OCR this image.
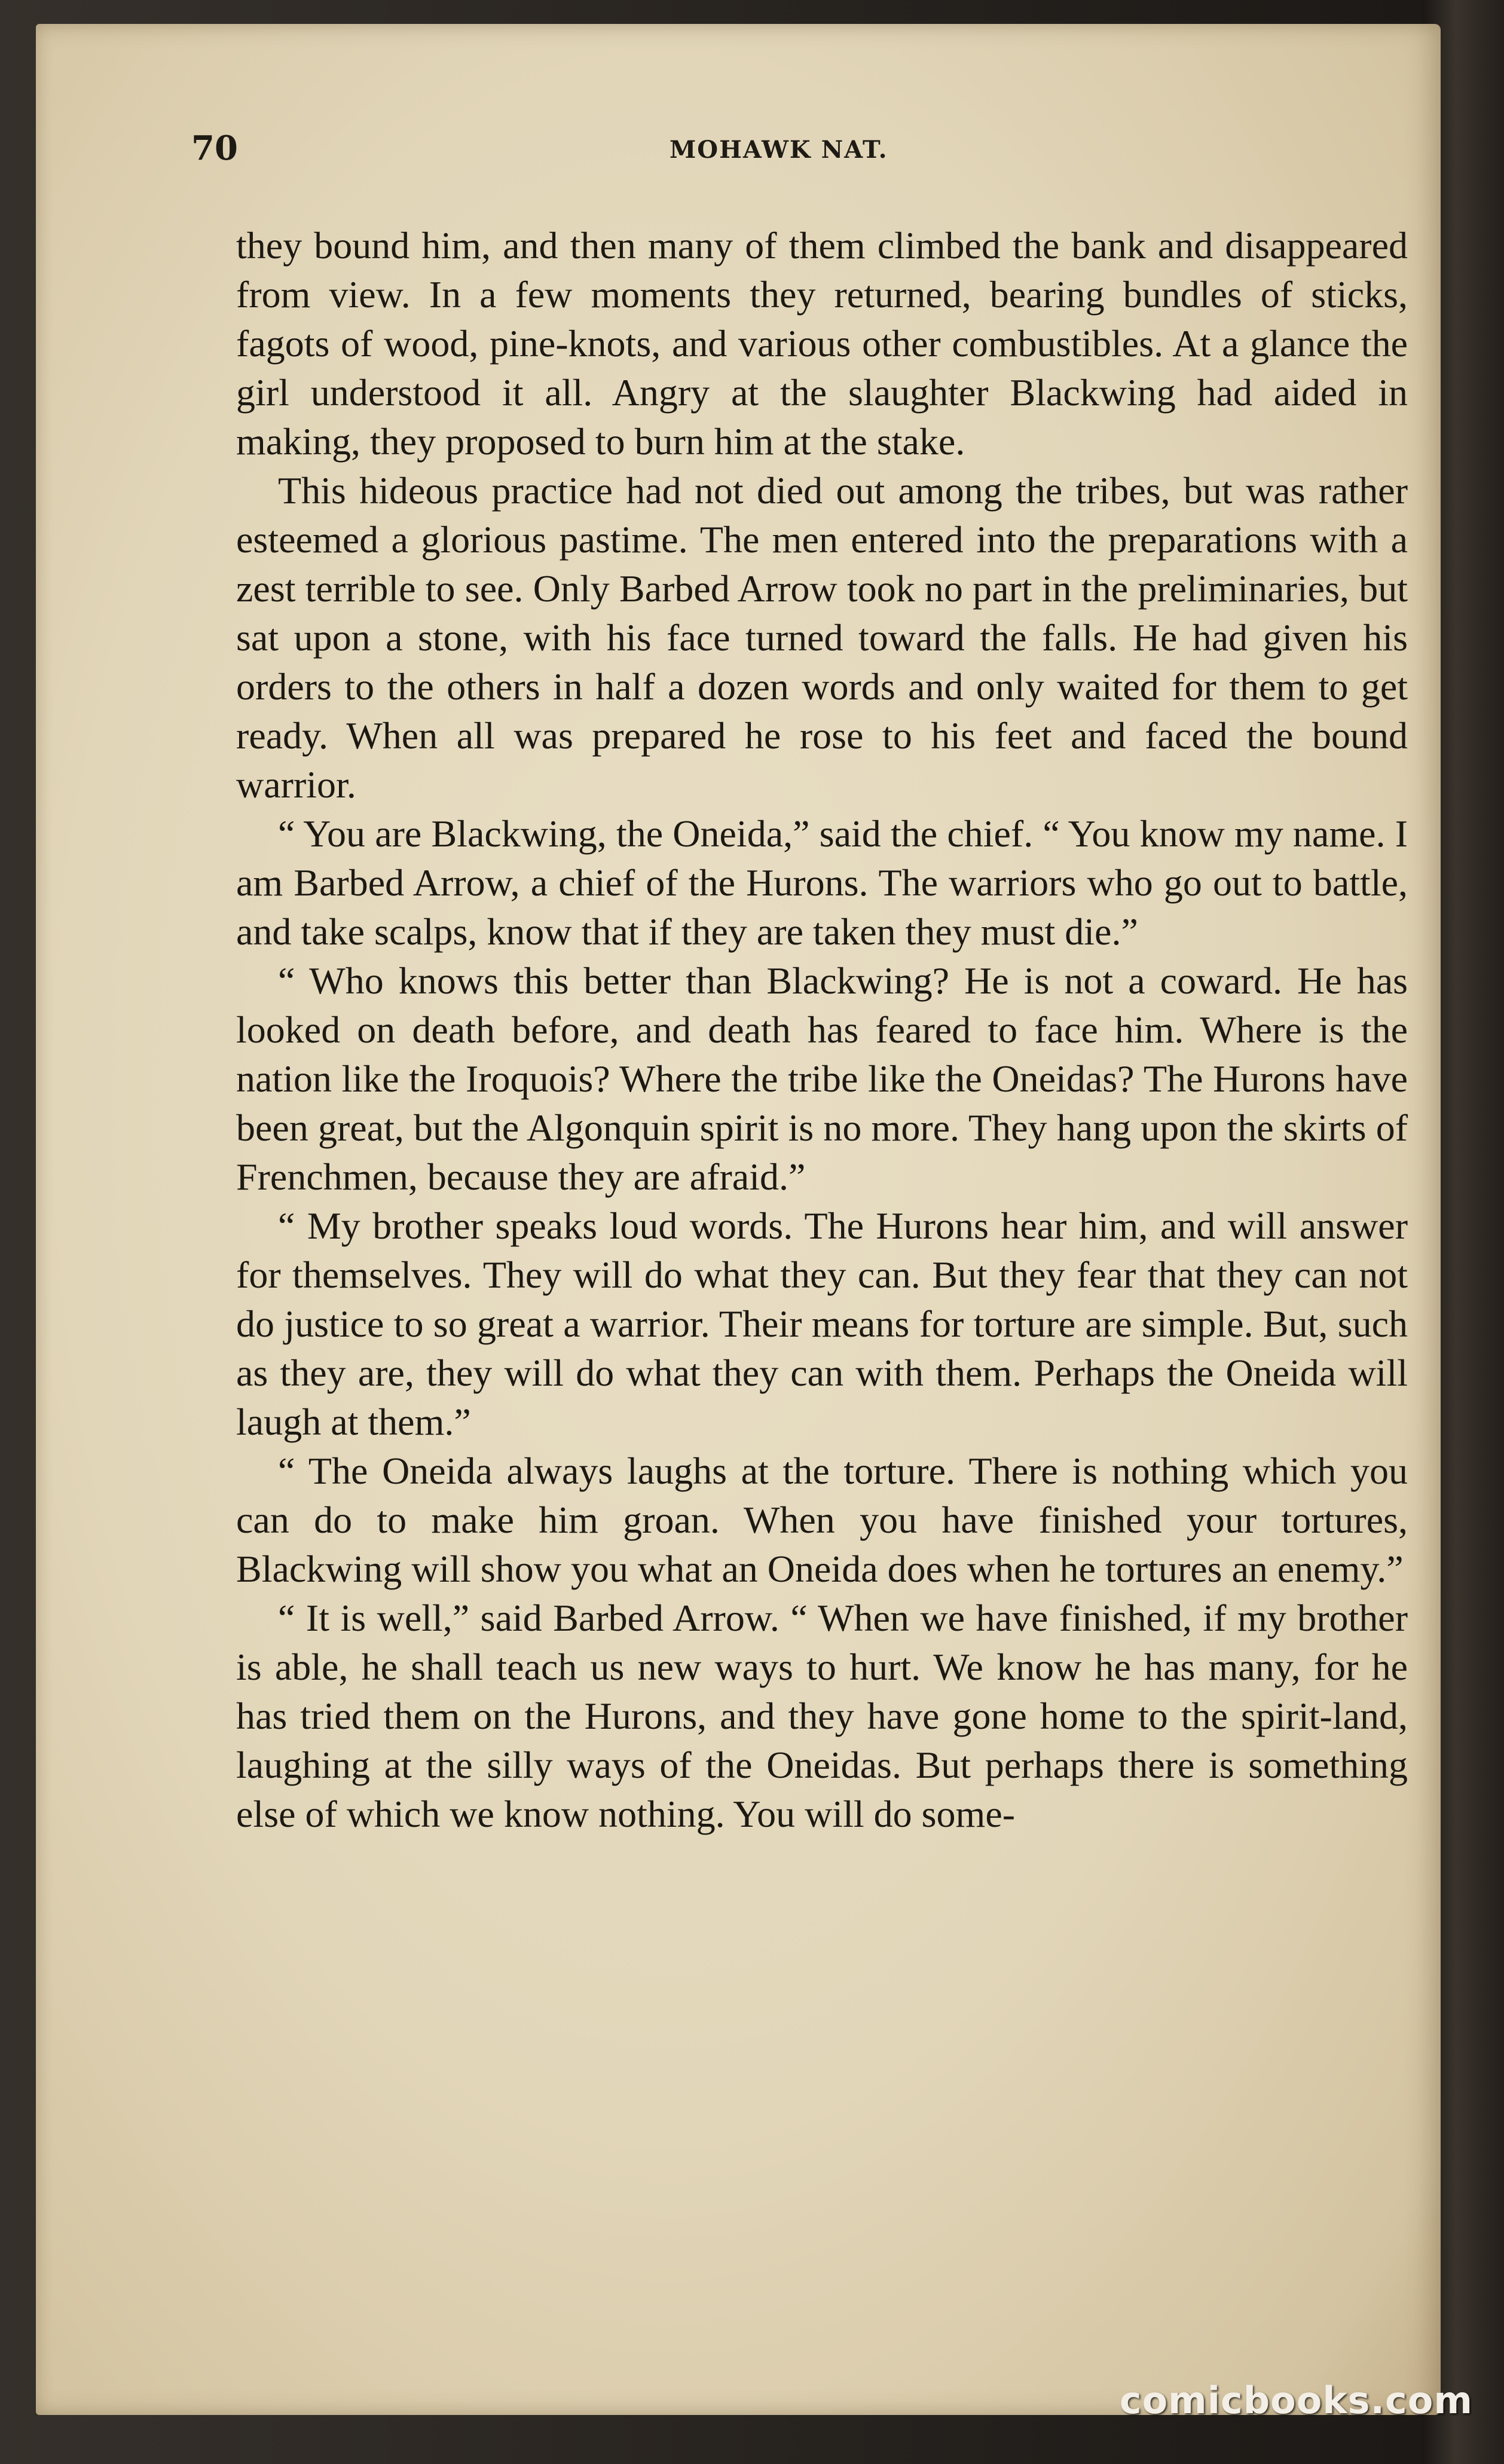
70	MOHAWK NAT.

they bound him, and then many of them climbed the bank and disappeared from view. In a few moments they returned, bearing bundles of sticks, fagots of wood, pine-knots, and various other combustibles. At a glance the girl understood it all. Angry at the slaughter Blackwing had aided in making, they proposed to burn him at the stake.

This hideous practice had not died out among the tribes, but was rather esteemed a glorious pastime. The men entered into the preparations with a zest terrible to see. Only Barbed Arrow took no part in the preliminaries, but sat upon a stone, with his face turned toward the falls. He had given his orders to the others in half a dozen words and only waited for them to get ready. When all was prepared he rose to his feet and faced the bound warrior.

“ You are Blackwing, the Oneida,” said the chief. “ You know my name. I am Barbed Arrow, a chief of the Hurons. The warriors who go out to battle, and take scalps, know that if they are taken they must die.”

“ Who knows this better than Blackwing? He is not a coward. He has looked on death before, and death has feared to face him. Where is the nation like the Iroquois? Where the tribe like the Oneidas? The Hurons have been great, but the Algonquin spirit is no more. They hang upon the skirts of Frenchmen, because they are afraid.”

“ My brother speaks loud words. The Hurons hear him, and will answer for themselves. They will do what they can. But they fear that they can not do justice to so great a warrior. Their means for torture are simple. But, such as they are, they will do what they can with them. Perhaps the Oneida will laugh at them.”

“ The Oneida always laughs at the torture. There is nothing which you can do to make him groan. When you have finished your tortures, Blackwing will show you what an Oneida does when he tortures an enemy.”

“ It is well,” said Barbed Arrow. “ When we have finished, if my brother is able, he shall teach us new ways to hurt. We know he has many, for he has tried them on the Hurons, and they have gone home to the spirit-land, laughing at the silly ways of the Oneidas. But perhaps there is something else of which we know nothing. You will do some-

comicbooks.com
